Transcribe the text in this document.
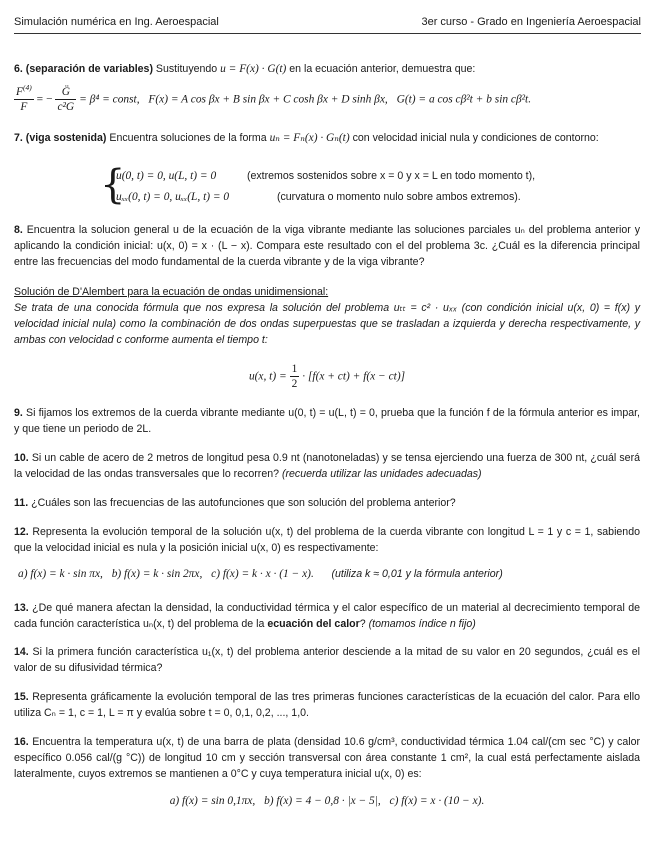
Simulación numérica en Ing. Aeroespacial	3er curso - Grado en Ingeniería Aeroespacial
6. (separación de variables) Sustituyendo u = F(x) · G(t) en la ecuación anterior, demuestra que:
$\frac{F^{(4)}}{F}$ = − $\frac{G̈}{\text{c²G}} = \beta^4$ = const, F(x) = A cos βx + B sin βx + C cosh βx + D sinh βx, G(t) = a cos cβ²t + b sin cβ²t.
7. (viga sostenida) Encuentra soluciones de la forma uₙ = Fₙ(x) · Gₙ(t) con velocidad inicial nula y condiciones de contorno:
{
u(0, t) = 0, u(L, t) = 0	(extremos sostenidos sobre x = 0 y x = L en todo momento t),
uₓₓ(0, t) = 0, uₓₓ(L, t) = 0	(curvatura o momento nulo sobre ambos extremos).
8. Encuentra la solucion general u de la ecuación de la viga vibrante mediante las soluciones parciales uₙ del problema anterior y aplicando la condición inicial: u(x, 0) = x · (L − x). Compara este resultado con el del problema 3c. ¿Cuál es la diferencia principal entre las frecuencias del modo fundamental de la cuerda vibrante y de la viga vibrante?
Solución de D'Alembert para la ecuación de ondas unidimensional:
Se trata de una conocida fórmula que nos expresa la solución del problema uₜₜ = c² · uₓₓ (con condición inicial u(x, 0) = f(x) y velocidad inicial nula) como la combinación de dos ondas superpuestas que se trasladan a izquierda y derecha respectivamente, y ambas con velocidad c conforme aumenta el tiempo t:
u(x, $t) = \frac{1}{2} \cdot [f(x + ct) + f(x - ct)]$
9. Si fijamos los extremos de la cuerda vibrante mediante u(0, t) = u(L, t) = 0, prueba que la función f de la fórmula anterior es impar, y que tiene un periodo de 2L.
10. Si un cable de acero de 2 metros de longitud pesa 0.9 nt (nanotoneladas) y se tensa ejerciendo una fuerza de 300 nt, ¿cuál será la velocidad de las ondas transversales que lo recorren? (recuerda utilizar las unidades adecuadas)
11. ¿Cuáles son las frecuencias de las autofunciones que son solución del problema anterior?
12. Representa la evolución temporal de la solución u(x, t) del problema de la cuerda vibrante con longitud L = 1 y c = 1, sabiendo que la velocidad inicial es nula y la posición inicial u(x, 0) es respectivamente:
a) f(x) = k · sin πx, b) f(x) = k · sin 2πx, c) f(x) = k · x · (1 − x). (utiliza k ≈ 0,01 y la fórmula anterior)
13. ¿De qué manera afectan la densidad, la conductividad térmica y el calor específico de un material al decrecimiento temporal de cada función característica uₙ(x, t) del problema de la ecuación del calor? (tomamos índice n fijo)
14. Si la primera función característica u₁(x, t) del problema anterior desciende a la mitad de su valor en 20 segundos, ¿cuál es el valor de su difusividad térmica?
15. Representa gráficamente la evolución temporal de las tres primeras funciones características de la ecuación del calor. Para ello utiliza Cₙ = 1, c = 1, L = π y evalúa sobre t = 0, 0,1, 0,2, ..., 1,0.
16. Encuentra la temperatura u(x, t) de una barra de plata (densidad 10.6 g/cm³, conductividad térmica 1.04 cal/(cm sec °C) y calor específico 0.056 cal/(g °C)) de longitud 10 cm y sección transversal con área constante 1 cm², la cual está perfectamente aislada lateralmente, cuyos extremos se mantienen a 0°C y cuya temperatura inicial u(x, 0) es:
a) f(x) = sin 0,1πx, b) f(x) = 4 − 0,8 · |x − 5|, c) f(x) = x · (10 − x).
